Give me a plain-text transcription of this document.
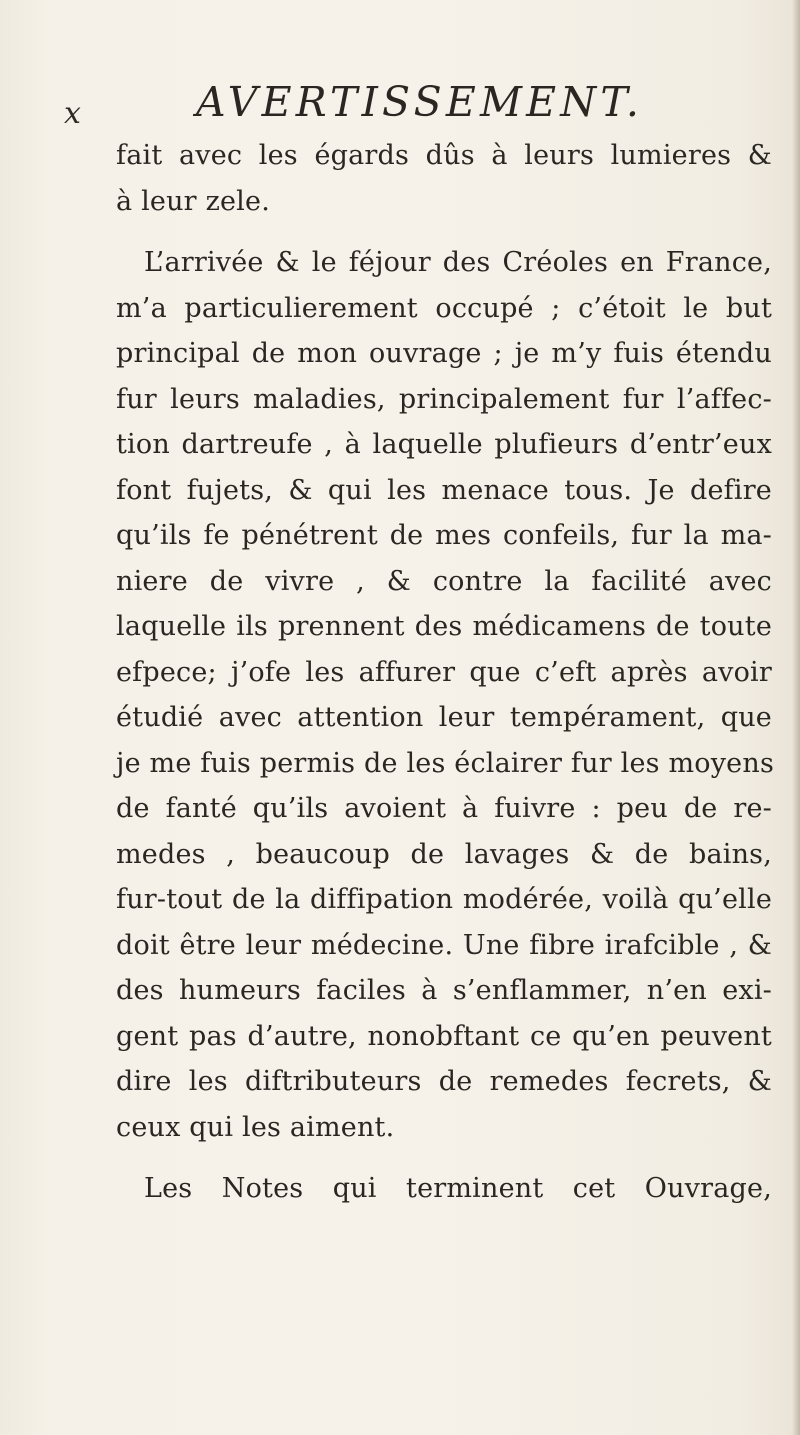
x	AVERTISSEMENT.
fait avec les égards dûs à leurs lumieres &
à leur zele.
L’arrivée & le féjour des Créoles en France,
m’a particulierement occupé ; c’étoit le but
principal de mon ouvrage ; je m’y fuis étendu
fur leurs maladies, principalement fur l’affec-
tion dartreufe , à laquelle plufieurs d’entr’eux
font fujets, & qui les menace tous. Je defire
qu’ils fe pénétrent de mes confeils, fur la ma-
niere de vivre , & contre la facilité avec
laquelle ils prennent des médicamens de toute
efpece; j’ofe les affurer que c’eft après avoir
étudié avec attention leur tempérament, que
je me fuis permis de les éclairer fur les moyens
de fanté qu’ils avoient à fuivre : peu de re-
medes , beaucoup de lavages & de bains,
fur-tout de la diffipation modérée, voilà qu’elle
doit être leur médecine. Une fibre irafcible , &
des humeurs faciles à s’enflammer, n’en exi-
gent pas d’autre, nonobftant ce qu’en peuvent
dire les diftributeurs de remedes fecrets, &
ceux qui les aiment.
Les Notes qui terminent cet Ouvrage,
